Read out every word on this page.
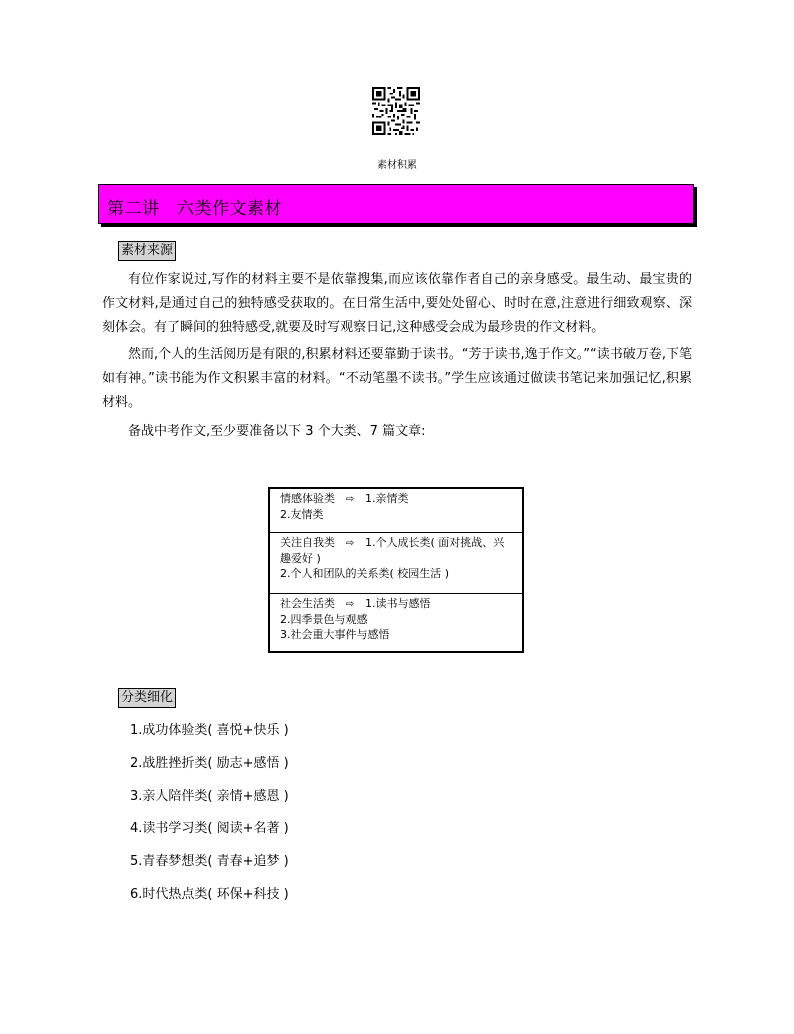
素材积累
第二讲　六类作文素材
素材来源

有位作家说过,写作的材料主要不是依靠搜集,而应该依靠作者自己的亲身感受。最生动、最宝贵的作文材料,是通过自己的独特感受获取的。在日常生活中,要处处留心、时时在意,注意进行细致观察、深刻体会。有了瞬间的独特感受,就要及时写观察日记,这种感受会成为最珍贵的作文材料。

然而,个人的生活阅历是有限的,积累材料还要靠勤于读书。“芳于读书,逸于作文。”“读书破万卷,下笔如有神。”读书能为作文积累丰富的材料。“不动笔墨不读书。”学生应该通过做读书笔记来加强记忆,积累材料。

备战中考作文,至少要准备以下 3 个大类、7 篇文章:

情感体验类 ⇨ 1.亲情类
2.友情类
关注自我类 ⇨ 1.个人成长类( 面对挑战、兴趣爱好 )
2.个人和团队的关系类( 校园生活 )
社会生活类 ⇨ 1.读书与感悟
2.四季景色与观感
3.社会重大事件与感悟
分类细化
1.成功体验类( 喜悦+快乐 )
2.战胜挫折类( 励志+感悟 )
3.亲人陪伴类( 亲情+感恩 )
4.读书学习类( 阅读+名著 )
5.青春梦想类( 青春+追梦 )
6.时代热点类( 环保+科技 )
